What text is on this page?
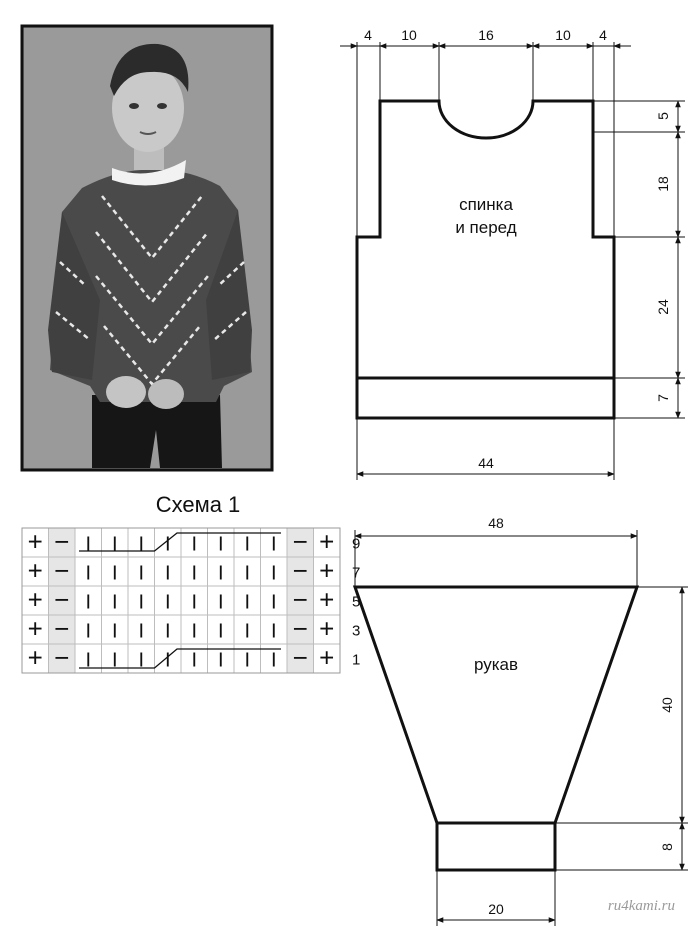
4 10	16	10 4
5
18
24
7
44
спинка
и перед
48
40
8
20
рукав
Схема 1
+ − I I I I I I I I − + 9
+ − I I I I I I I I − + 7
+ − I I I I I I I I − + 5
+ − I I I I I I I I − + 3
+ − I I I I I I I I − + 1
ru4kami.ru
